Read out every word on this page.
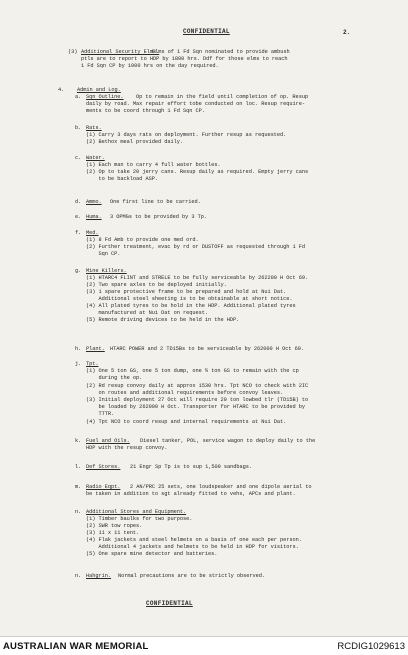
CONFIDENTIAL	2.
(3) Additional Security Elms.
Elms of 1 Fd Sqn nominated to provide ambush
ptls are to report to HDP by 1800 hrs. Ddf for those elms to reach
1 Fd Sqn CP by 1000 hrs on the day required.
4. Admin and Log.
a. Sqn Outline. Op to remain in the field until completion of op. Resup
daily by road. Max repair effort tobe conducted on loc. Resup require-
ments to be coord through 1 Fd Sqn CP.
b. Rats.
(1) Carry 3 days rats on deployment. Further resup as requested.
(2) Bethox meal provided daily.
c. Water.
(1) Each man to carry 4 full water bottles.
(2) Op to take 20 jerry cans. Resup daily as required. Empty jerry cans
to be backload ASP.
d. Ammo. One first line to be carried.
e. Huma. 3 OPMGs to be provided by 3 Tp.
f. Med.
(1) 8 Fd Amb to provide one med ord.
(2) Further treatment, evac by rd or DUSTOFF as requested through 1 Fd
Sqn CP.
g. Mine Killers.
(1) HTARC4 FLINT and STRELE to be fully serviceable by 262200 H Oct 69.
(2) Two spare axles to be deployed initially.
(3) 1 spare protective frame to be prepared and hold at Nui Dat.
Additional steel sheeting is to be obtainable at short notice.
(4) All plated tyres to be hold in the HDP. Additional plated tyres
manufactured at Nui Dat on request.
(5) Remote driving devices to be held in the HDP.
h. Plant. HTARC POWER and 2 TD15Bs to be serviceable by 262000 H Oct 69.
j. Tpt.
(1) One 5 ton GS, one 5 ton dump, one ¾ ton GS to remain with the cp
during the op.
(2) Rd resup convoy daily at approx 1530 hrs. Tpt NCO to check with 2IC
on routes and additional requirements before convoy leaves.
(3) Initial deployment 27 Oct will require 20 ton lowbed tlr (TD15B) to
be loaded by 262000 H Oct. Transporter for HTARC to be provided by
TTTR.
(4) Tpt NCO to coord resup and internal requirements at Nui Dat.
k. Fuel and Oils. Diesel tanker, POL, service wagon to deploy daily to the
HDP with the resup convoy.
l. Def Stores. 21 Engr Sp Tp is to sup 1,500 sandbags.
m. Radio Eqpt. 2 AN/PRC 25 sets, one loudspeaker and one dipole aerial to
be taken in addition to sgt already fitted to vehs, APCs and plant.
n. Additional Stores and Equipment.
(1) Timber baulks for two purpose.
(2) SWR tow ropes.
(3) 11 x 11 tent.
(4) Flak jackets and steel helmets on a basis of one each per person.
Additional 4 jackets and helmets to be held in HDP for visitors.
(5) One spare mine detector and batteries.
n. Hahgrin. Normal precautions are to be strictly observed.
CONFIDENTIAL
AUSTRALIAN WAR MEMORIAL	RCDIG1029613
